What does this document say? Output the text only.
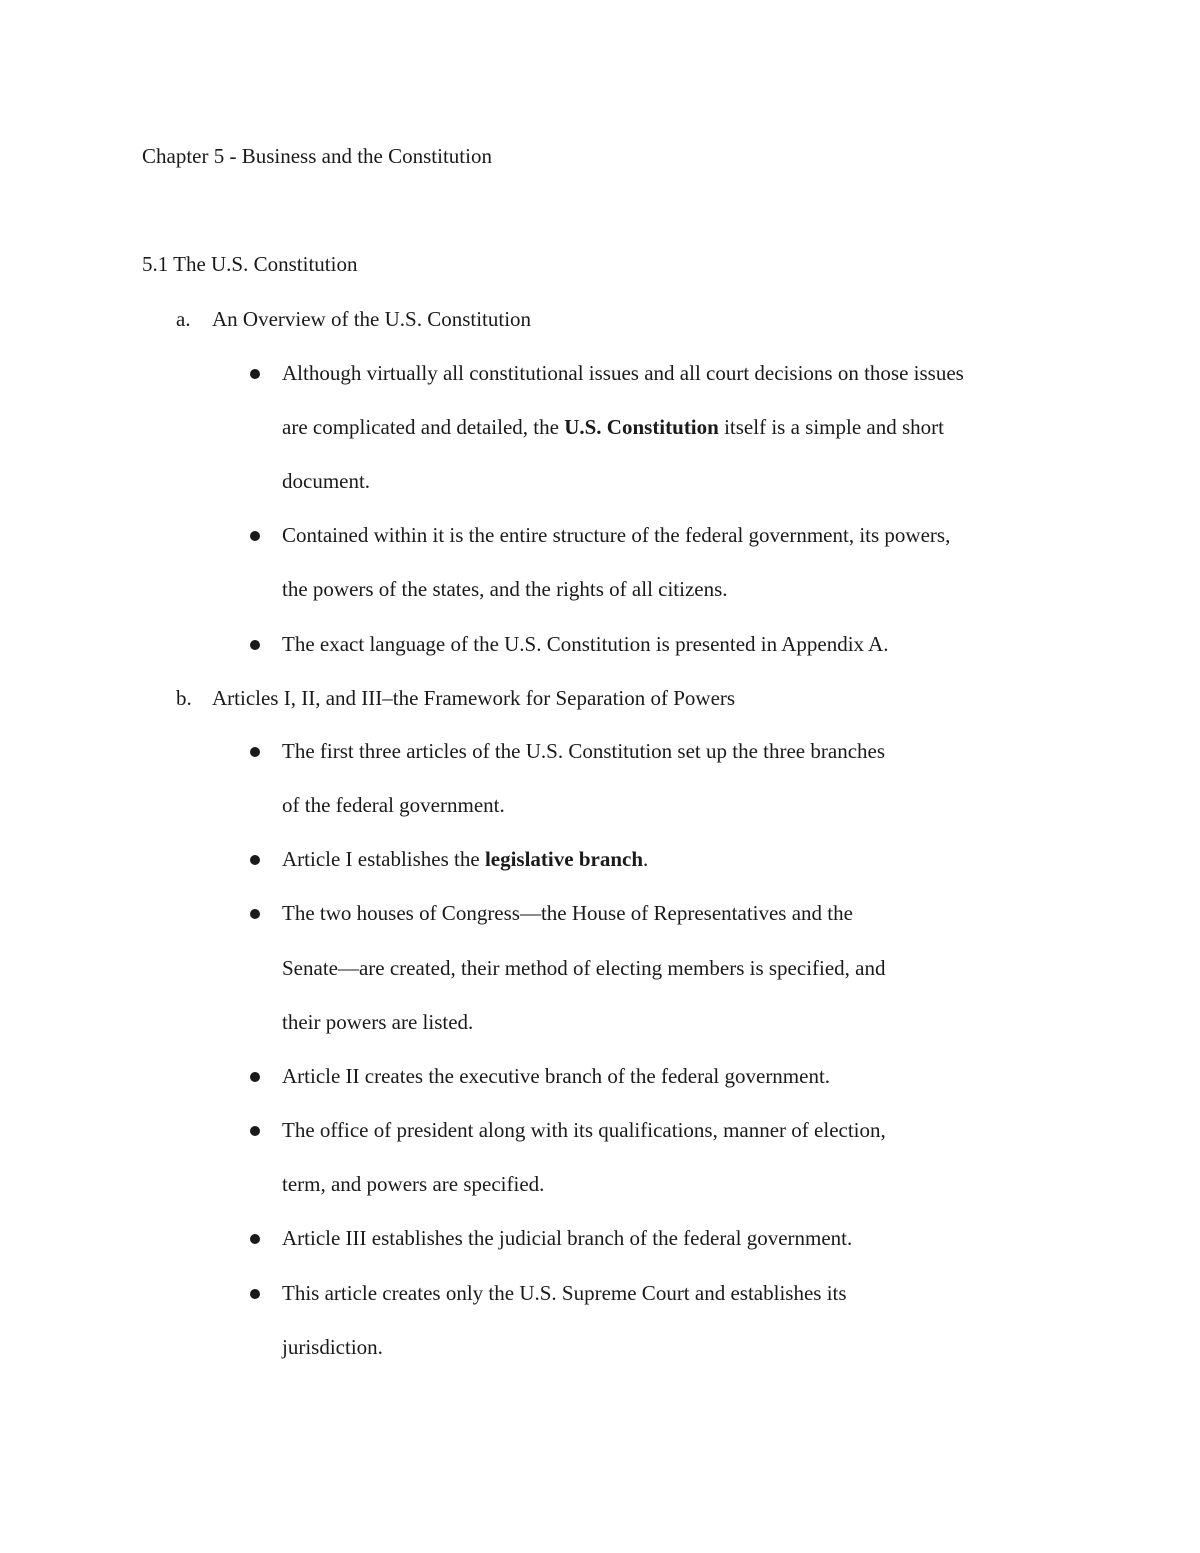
Chapter 5 - Business and the Constitution
5.1 The U.S. Constitution
a. An Overview of the U.S. Constitution
Although virtually all constitutional issues and all court decisions on those issues
are complicated and detailed, the U.S. Constitution itself is a simple and short
document.
Contained within it is the entire structure of the federal government, its powers,
the powers of the states, and the rights of all citizens.
The exact language of the U.S. Constitution is presented in Appendix A.
b. Articles I, II, and III–the Framework for Separation of Powers
The first three articles of the U.S. Constitution set up the three branches
of the federal government.
Article I establishes the legislative branch.
The two houses of Congress—the House of Representatives and the
Senate—are created, their method of electing members is specified, and
their powers are listed.
Article II creates the executive branch of the federal government.
The office of president along with its qualifications, manner of election,
term, and powers are specified.
Article III establishes the judicial branch of the federal government.
This article creates only the U.S. Supreme Court and establishes its
jurisdiction.
